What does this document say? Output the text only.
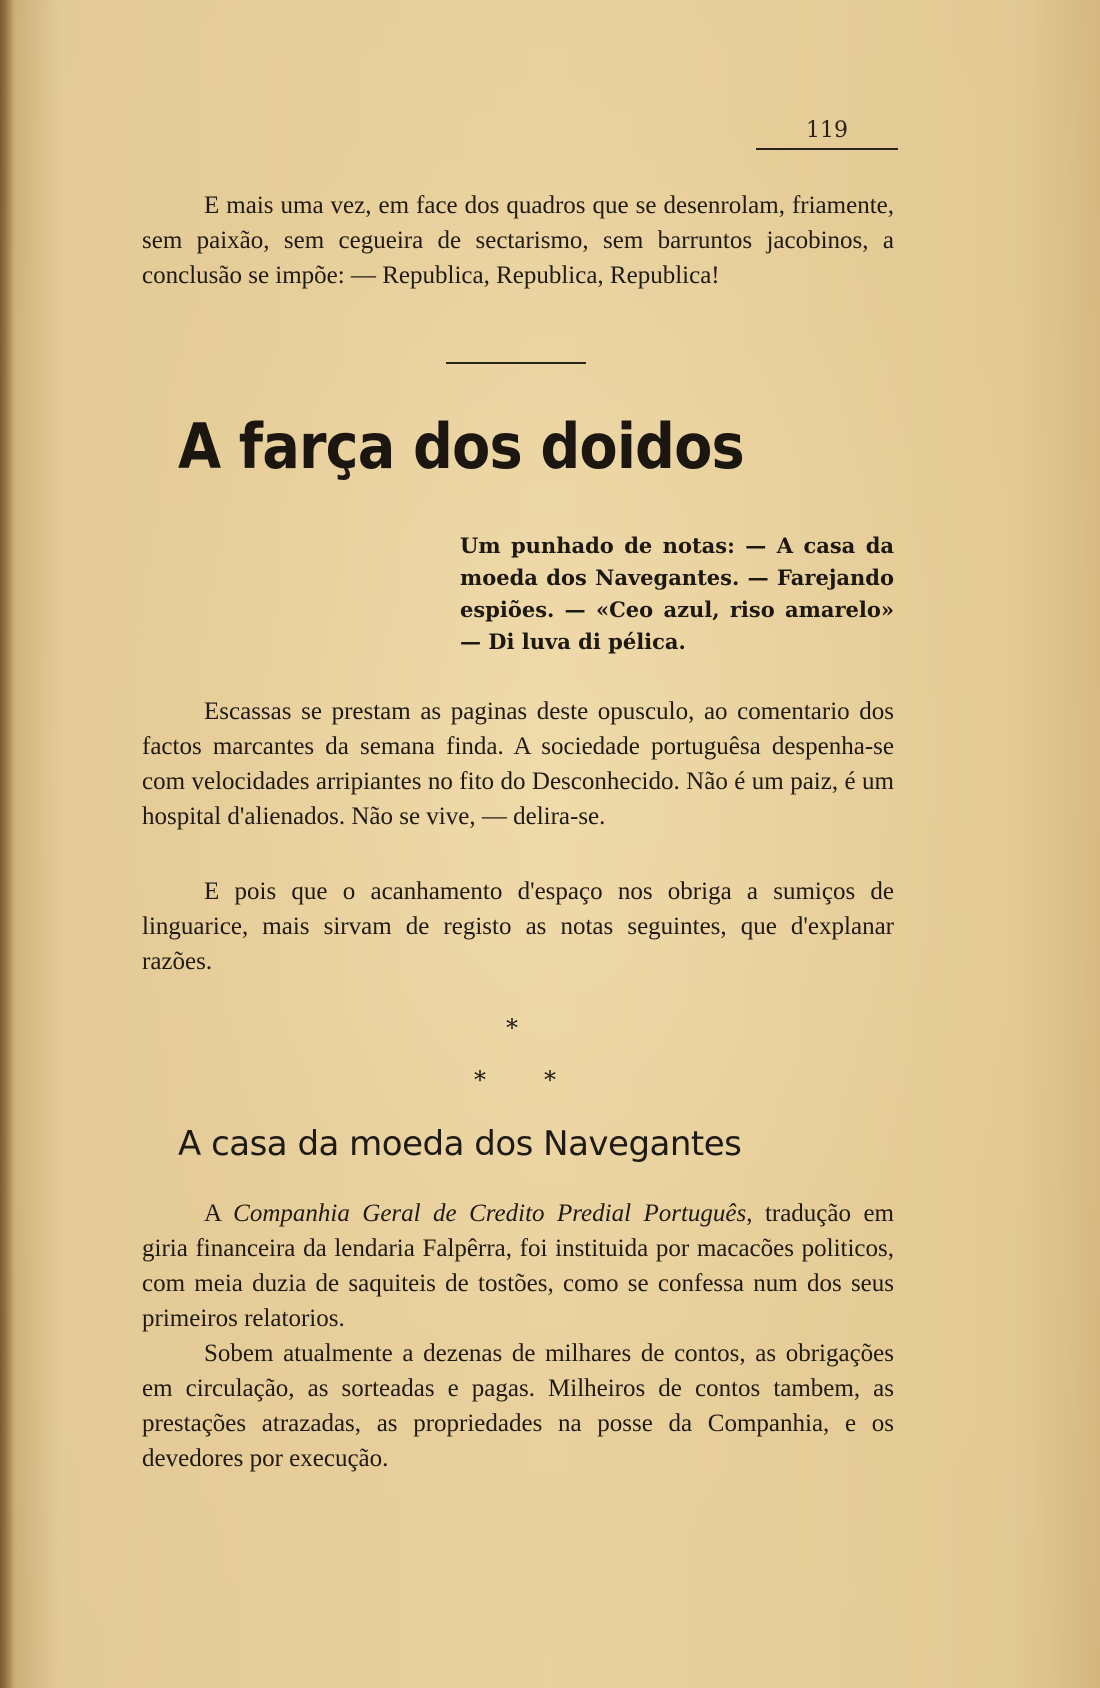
119

E mais uma vez, em face dos quadros que se desenrolam, friamente, sem paixão, sem cegueira de sectarismo, sem barruntos jacobinos, a conclusão se impõe: — Republica, Republica, Republica!

A farça dos doidos

Um punhado de notas: — A casa da moeda dos Navegantes. — Farejando espiões. — «Ceo azul, riso amarelo» — Di luva di pélica.

Escassas se prestam as paginas deste opusculo, ao comentario dos factos marcantes da semana finda. A sociedade portuguêsa despenha-se com velocidades arripiantes no fito do Desconhecido. Não é um paiz, é um hospital d'alienados. Não se vive, — delira-se.

E pois que o acanhamento d'espaço nos obriga a sumiços de linguarice, mais sirvam de registo as notas seguintes, que d'explanar razões.

*
* *
A casa da moeda dos Navegantes

A Companhia Geral de Credito Predial Português, tradução em giria financeira da lendaria Falpêrra, foi instituida por macacões politicos, com meia duzia de saquiteis de tostões, como se confessa num dos seus primeiros relatorios.

Sobem atualmente a dezenas de milhares de contos, as obrigações em circulação, as sorteadas e pagas. Milheiros de contos tambem, as prestações atrazadas, as propriedades na posse da Companhia, e os devedores por execução.
